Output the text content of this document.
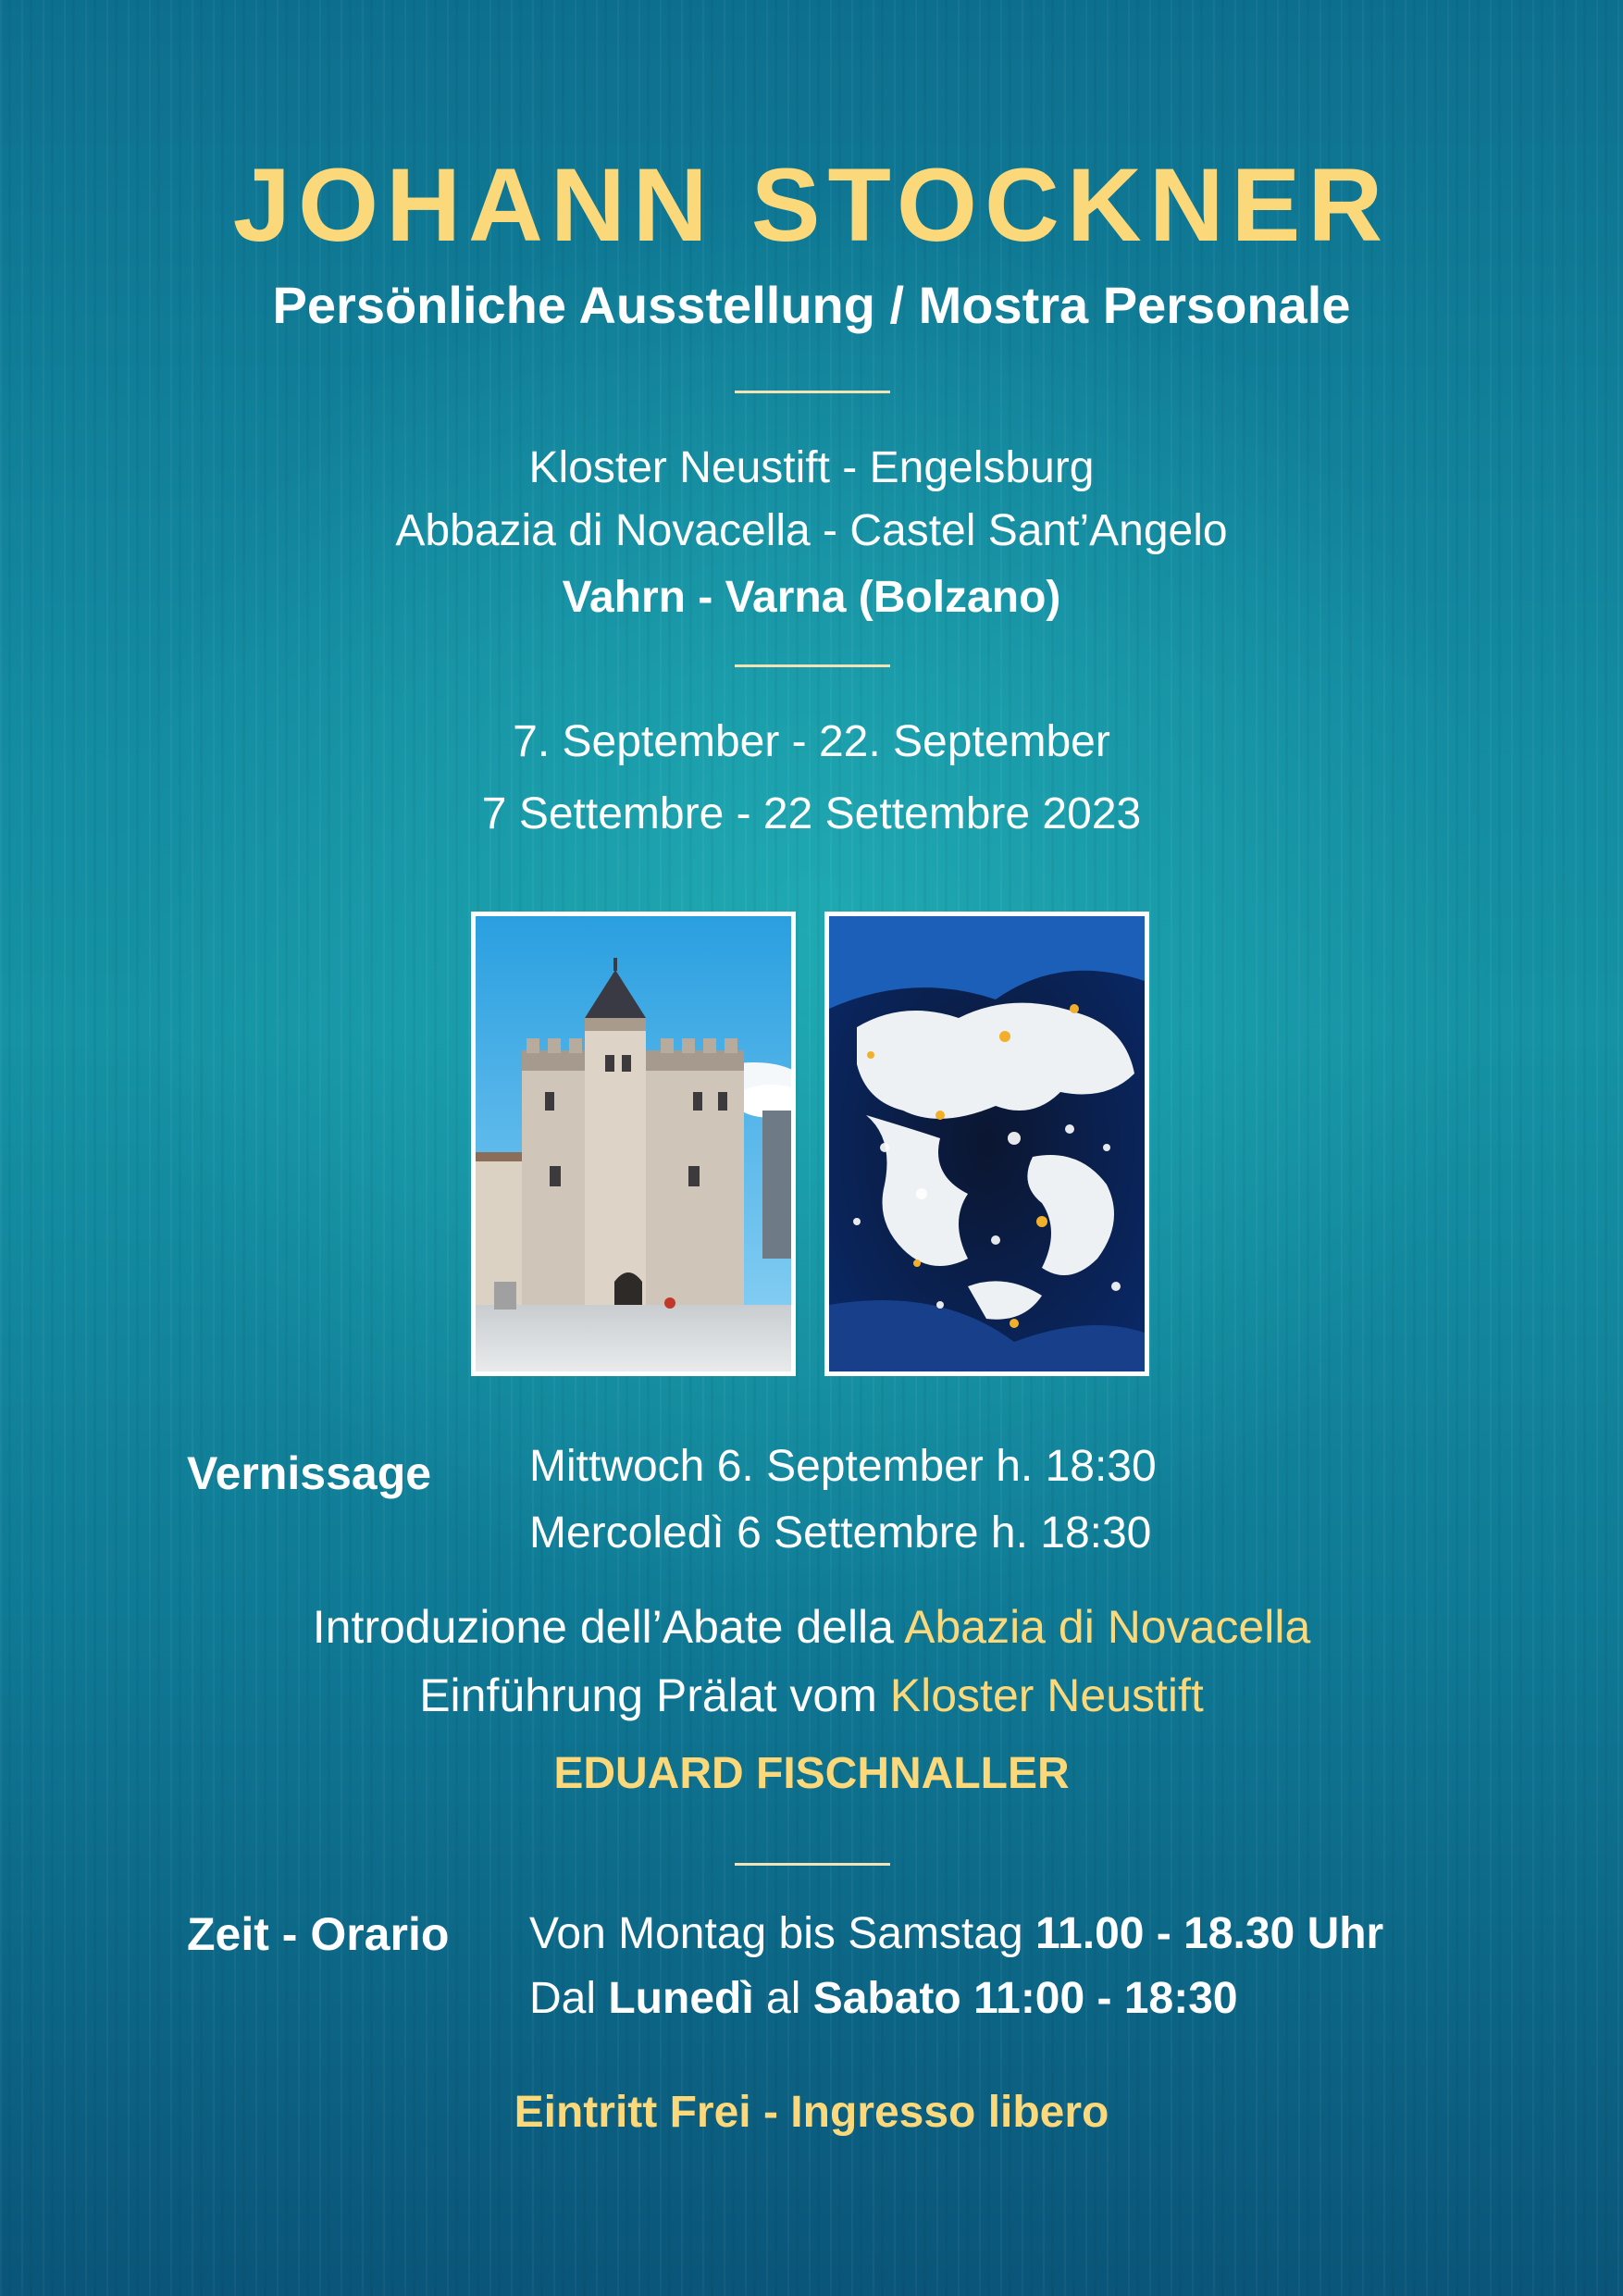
JOHANN STOCKNER
Persönliche Ausstellung / Mostra Personale
Kloster Neustift - Engelsburg
Abbazia di Novacella - Castel Sant’Angelo
Vahrn - Varna (Bolzano)
7. September - 22. September
7 Settembre - 22 Settembre 2023
Vernissage Mittwoch 6. September h. 18:30
Mercoledì 6 Settembre h. 18:30
Introduzione dell’Abate della Abazia di Novacella
Einführung Prälat vom Kloster Neustift
EDUARD FISCHNALLER
Zeit - Orario Von Montag bis Samstag 11.00 - 18.30 Uhr
Dal Lunedì al Sabato 11:00 - 18:30
Eintritt Frei - Ingresso libero
